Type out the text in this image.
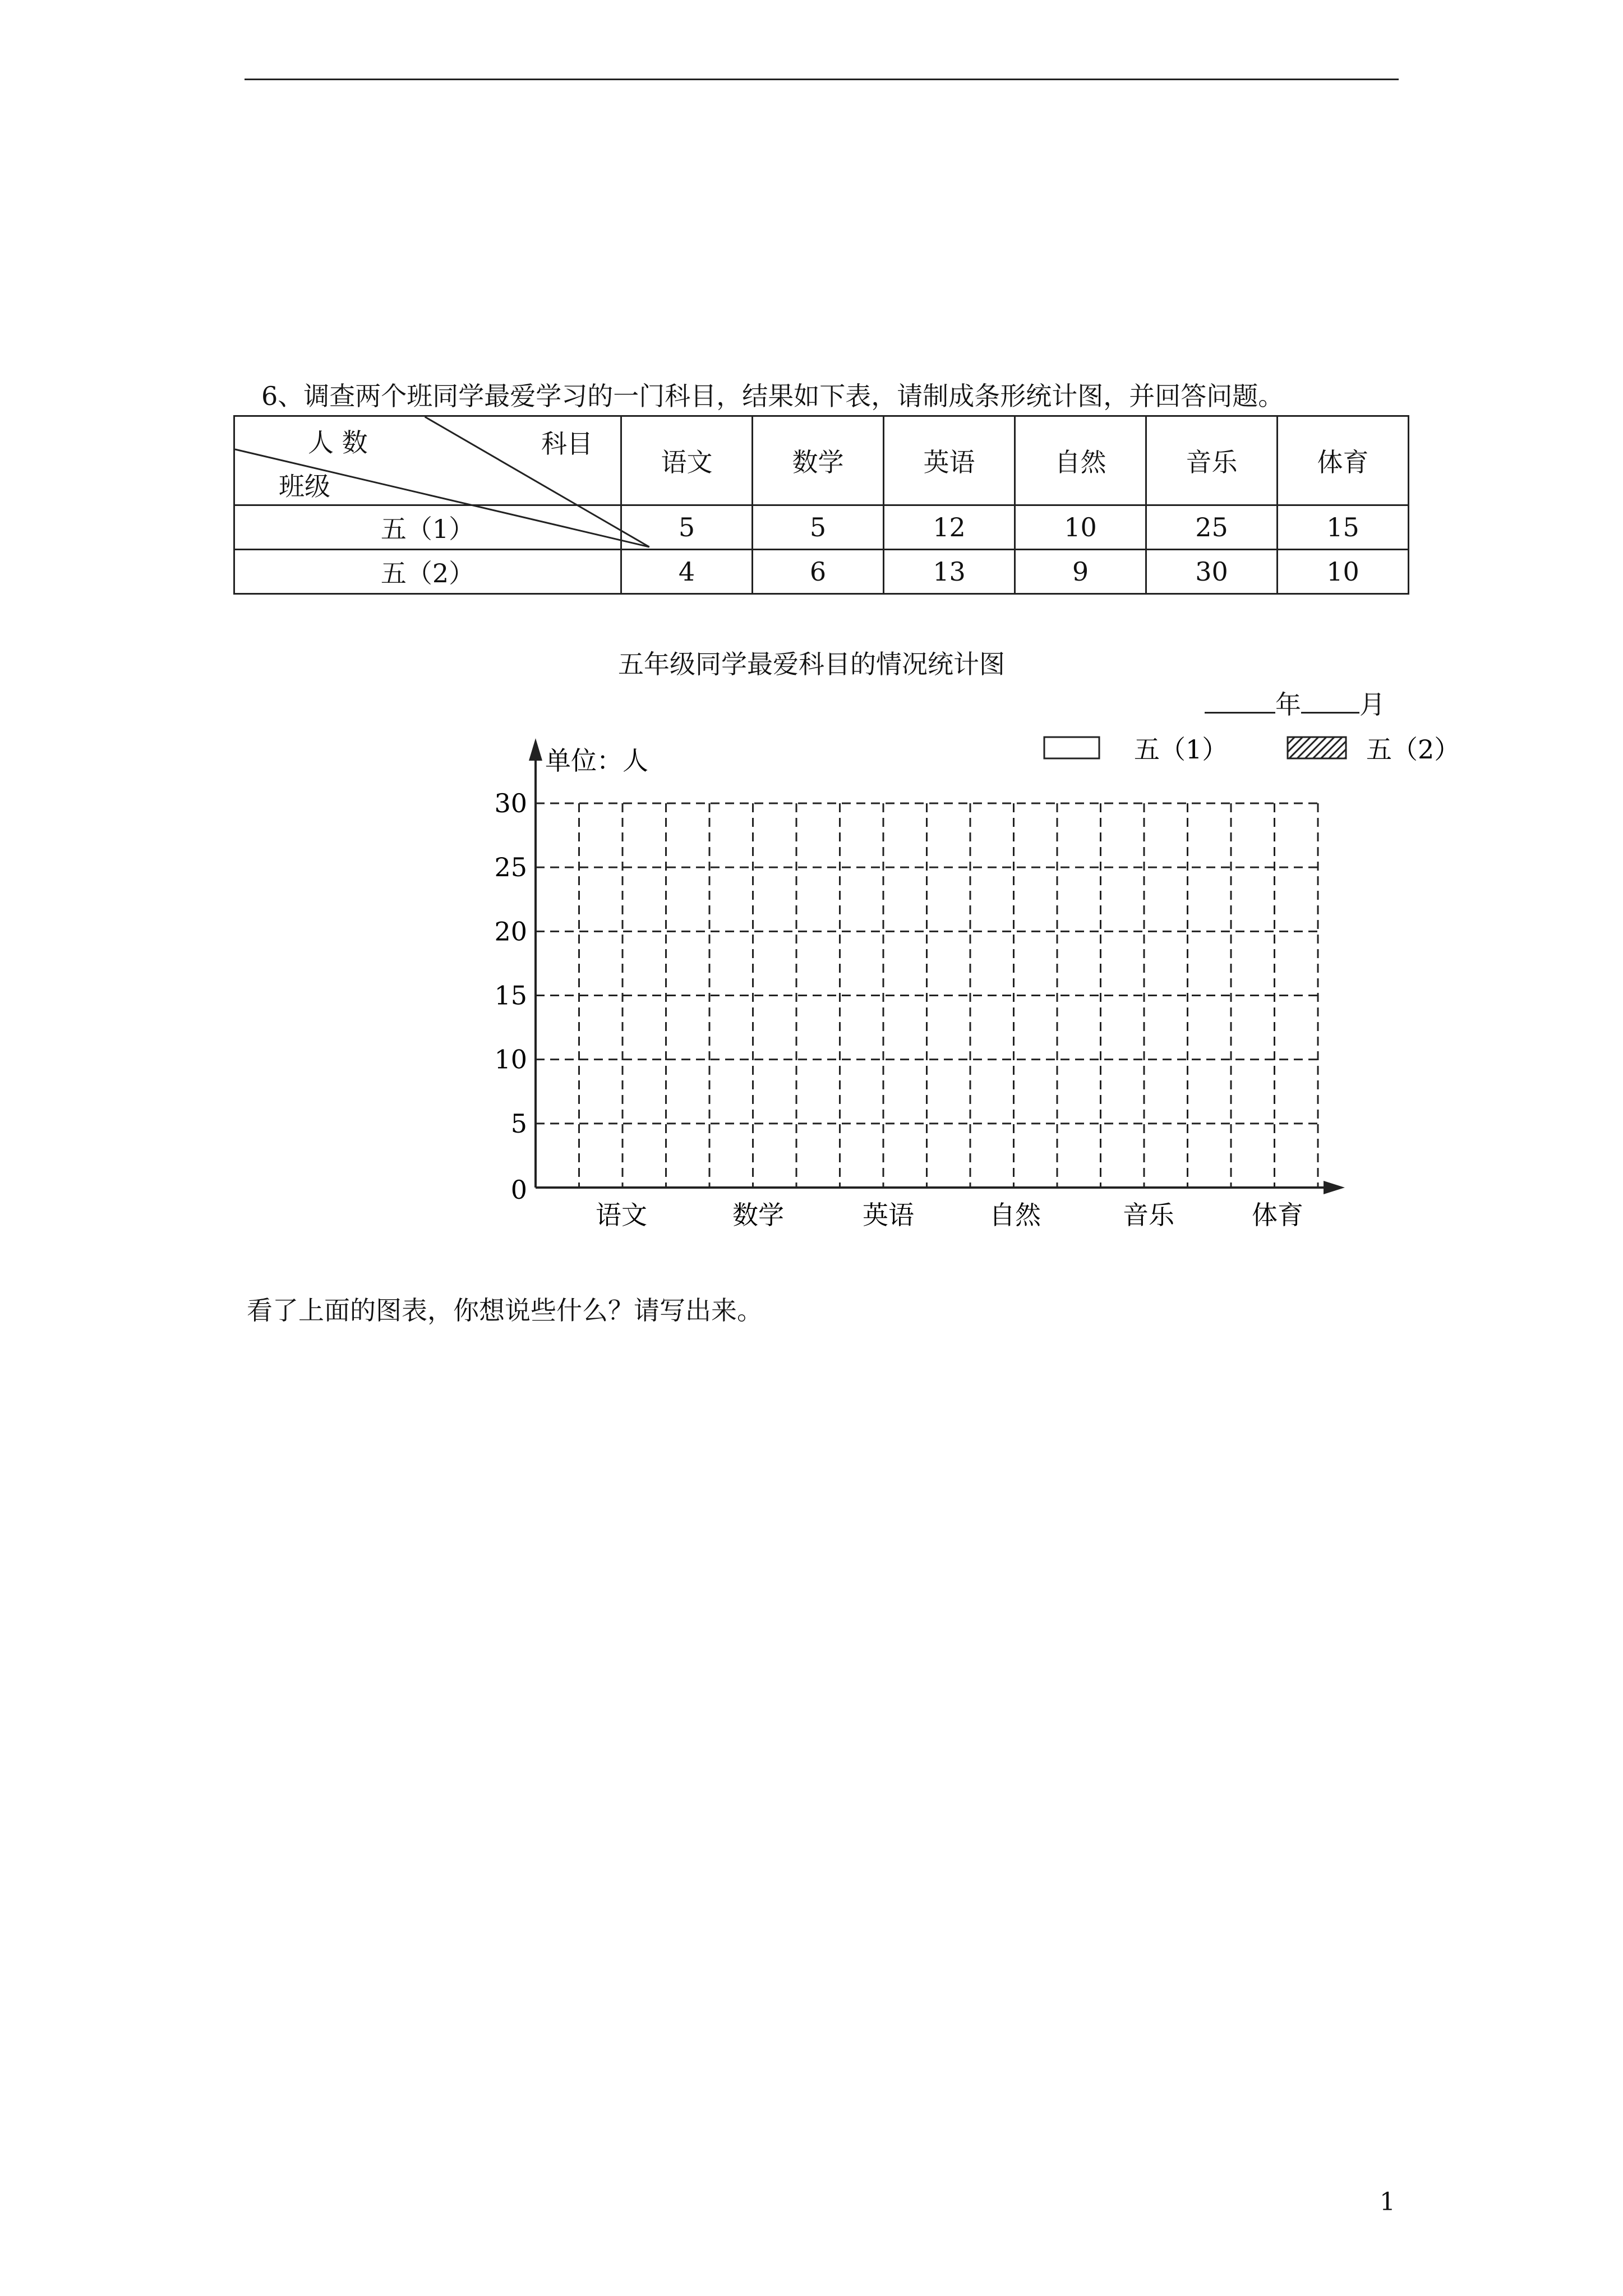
6、调查两个班同学最爱学习的一门科目，结果如下表，请制成条形统计图，并回答问题。
人 数 科目
班级	语文	数学	英语	自然	音乐	体育
五（1）	5	5	12	10	25	15
五（2）	4	6	13	9	30	10
五年级同学最爱科目的情况统计图
年 月
0
5
10
15
20
25
30
单位：人
语文	数学	英语	自然	音乐	体育
五（1）	五（2）
看了上面的图表，你想说些什么？请写出来。
1
